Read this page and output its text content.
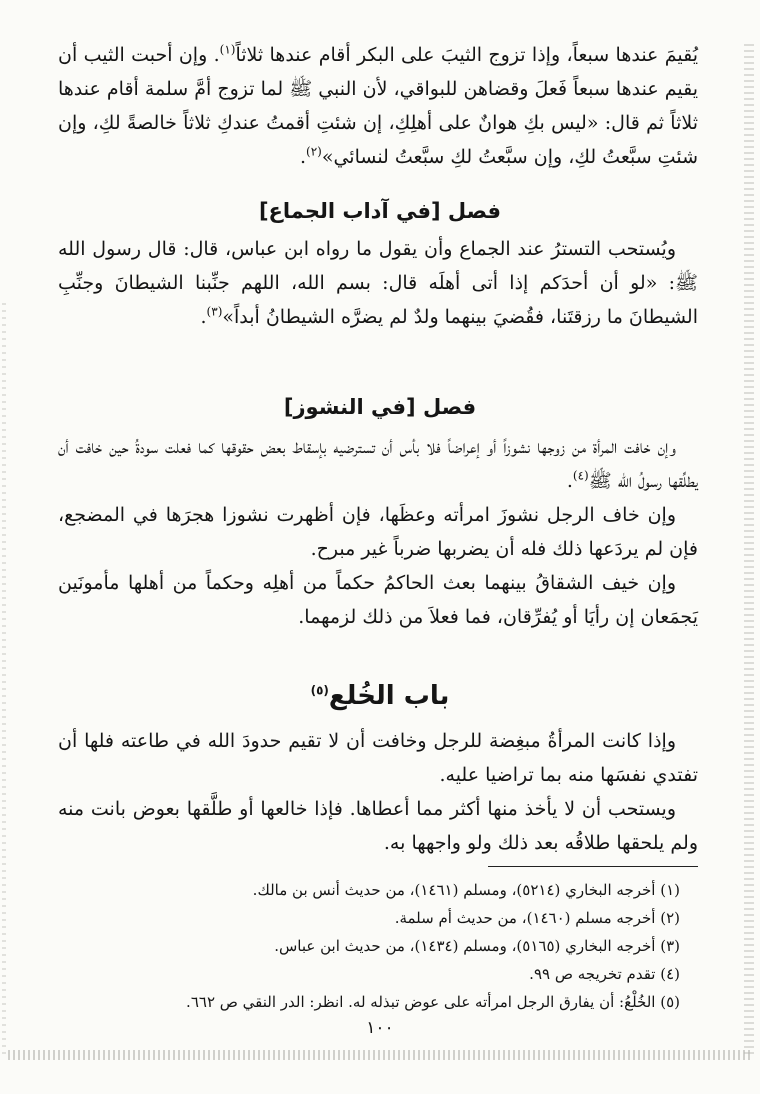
يُقيمَ عندها سبعاً، وإذا تزوج الثيبَ على البكر أقام عندها ثلاثاً$^{(١)}$. وإن أحبت الثيب أن يقيم عندها سبعاً فَعلَ وقضاهن للبواقي، لأن النبي ﷺ لما تزوج أمَّ سلمة أقام عندها ثلاثاً ثم قال: «ليس بكِ هوانٌ على أهلِكِ، إن شئتِ أقمتُ عندكِ ثلاثاً خالصةً لكِ، وإن شئتِ سبَّعتُ لكِ، وإن سبَّعتُ لكِ سبَّعتُ لنسائي»$^{(٢)}$.
فصل [في آداب الجماع]
ويُستحب التسترُ عند الجماع وأن يقول ما رواه ابن عباس، قال: قال رسول الله ﷺ: «لو أن أحدَكم إذا أتى أهلَه قال: بسم الله، اللهم جنِّبنا الشيطانَ وجنِّبِ الشيطانَ ما رزقتَنا، فقُضيَ بينهما ولدٌ لم يضرَّه الشيطانُ أبداً»$^{(٣)}$.
فصل [في النشوز]
وإن خافت المرأة من زوجها نشوزاً أو إعراضاً فلا بأس أن تسترضيه بإسقاط بعض حقوقها كما فعلت سودةُ حين خافت أن يطلِّقها رسولُ الله ﷺ$^{(٤)}$.
وإن خاف الرجل نشوزَ امرأته وعظَها، فإن أظهرت نشوزا هجرَها في المضجع، فإن لم يردَعها ذلك فله أن يضربها ضرباً غير مبرح.
وإن خيف الشقاقُ بينهما بعث الحاكمُ حكماً من أهلِه وحكماً من أهلها مأمونَين يَجمَعان إن رأيَا أو يُفرِّقان، فما فعلاَ من ذلك لزمهما.
باب الخُلع$^{(٥)}$
وإذا كانت المرأةُ مبغِضة للرجل وخافت أن لا تقيم حدودَ الله في طاعته فلها أن تفتدي نفسَها منه بما تراضيا عليه.
ويستحب أن لا يأخذ منها أكثر مما أعطاها. فإذا خالعها أو طلَّقها بعوض بانت منه ولم يلحقها طلاقُه بعد ذلك ولو واجهها به.
(١) أخرجه البخاري (٥٢١٤)، ومسلم (١٤٦١)، من حديث أنس بن مالك.
(٢) أخرجه مسلم (١٤٦٠)، من حديث أم سلمة.
(٣) أخرجه البخاري (٥١٦٥)، ومسلم (١٤٣٤)، من حديث ابن عباس.
(٤) تقدم تخريجه ص ٩٩.
(٥) الخُلْعُ: أن يفارق الرجل امرأته على عوض تبذله له. انظر: الدر النقي ص ٦٦٢.
١٠٠
